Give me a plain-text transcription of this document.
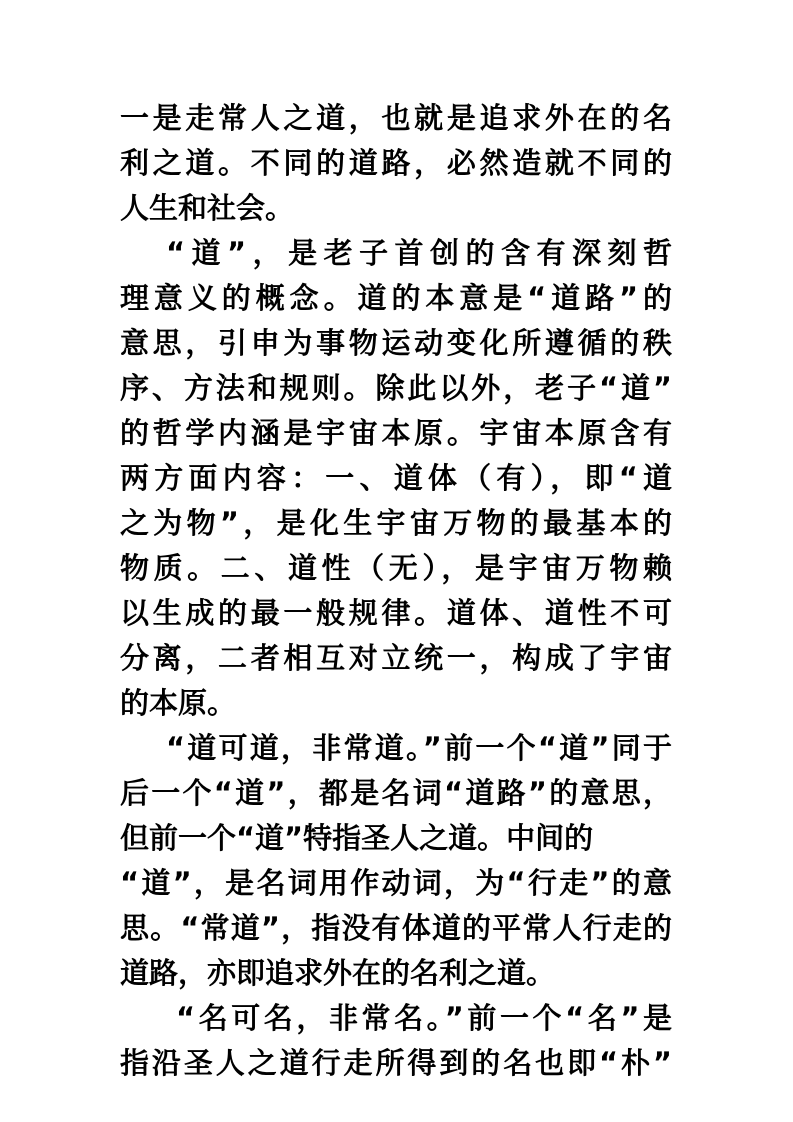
一是走常人之道，也就是追求外在的名
利之道。不同的道路，必然造就不同的
人生和社会。
“道”，是老子首创的含有深刻哲
理意义的概念。道的本意是“道路”的
意思，引申为事物运动变化所遵循的秩
序、方法和规则。除此以外，老子“道”
的哲学内涵是宇宙本原。宇宙本原含有
两方面内容：一、道体（有），即“道
之为物”，是化生宇宙万物的最基本的
物质。二、道性（无），是宇宙万物赖
以生成的最一般规律。道体、道性不可
分离，二者相互对立统一，构成了宇宙
的本原。
“道可道，非常道。”前一个“道”同于
后一个“道”，都是名词“道路”的意思，
但前一个“道”特指圣人之道。中间的
“道”，是名词用作动词，为“行走”的意
思。“常道”，指没有体道的平常人行走的
道路，亦即追求外在的名利之道。
“名可名，非常名。”前一个“名”是
指沿圣人之道行走所得到的名也即“朴”
